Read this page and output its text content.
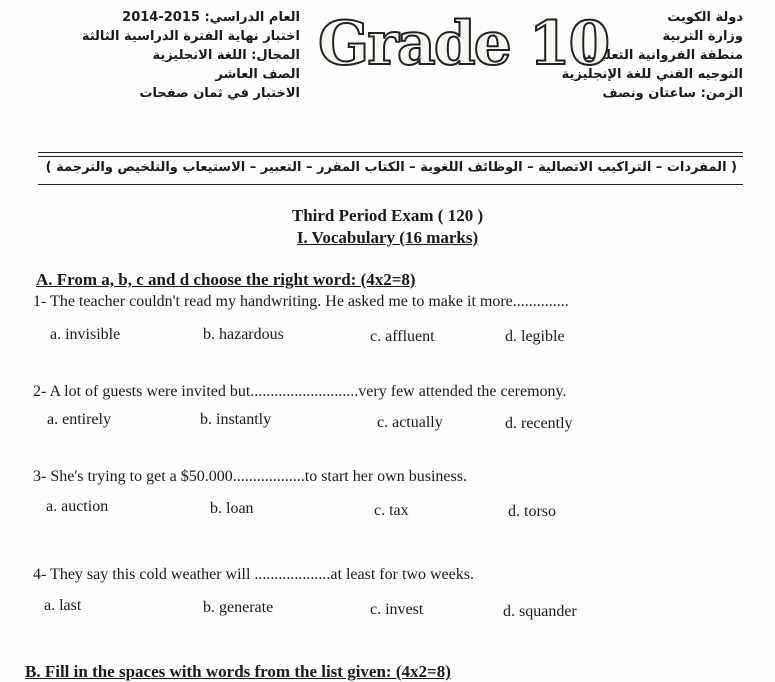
دولة الكويت
وزارة التربية
منطقة الفروانية التعليمية
التوجيه الفني للغة الإنجليزية
الزمن: ساعتان ونصف
العام الدراسي: 2015-2014
اختبار نهاية الفترة الدراسية الثالثة
المجال: اللغة الانجليزية
الصف العاشر
الاختبار في ثمان صفحات
Grade 10
( المفردات – التراكيب الاتصالية – الوظائف اللغوية – الكتاب المقرر – التعبير – الاستيعاب والتلخيص والترجمة )
Third Period Exam ( 120 )
I. Vocabulary (16 marks)
A. From a, b, c and d choose the right word: (4x2=8)
1- The teacher couldn't read my handwriting. He asked me to make it more..............
a. invisible	b. hazardous	c. affluent	d. legible
2- A lot of guests were invited but...........................very few attended the ceremony.
a. entirely	b. instantly	c. actually	d. recently
3- She's trying to get a $50.000..................to start her own business.
a. auction	b. loan	c. tax	d. torso
4- They say this cold weather will ...................at least for two weeks.
a. last	b. generate	c. invest	d. squander
B. Fill in the spaces with words from the list given: (4x2=8)
